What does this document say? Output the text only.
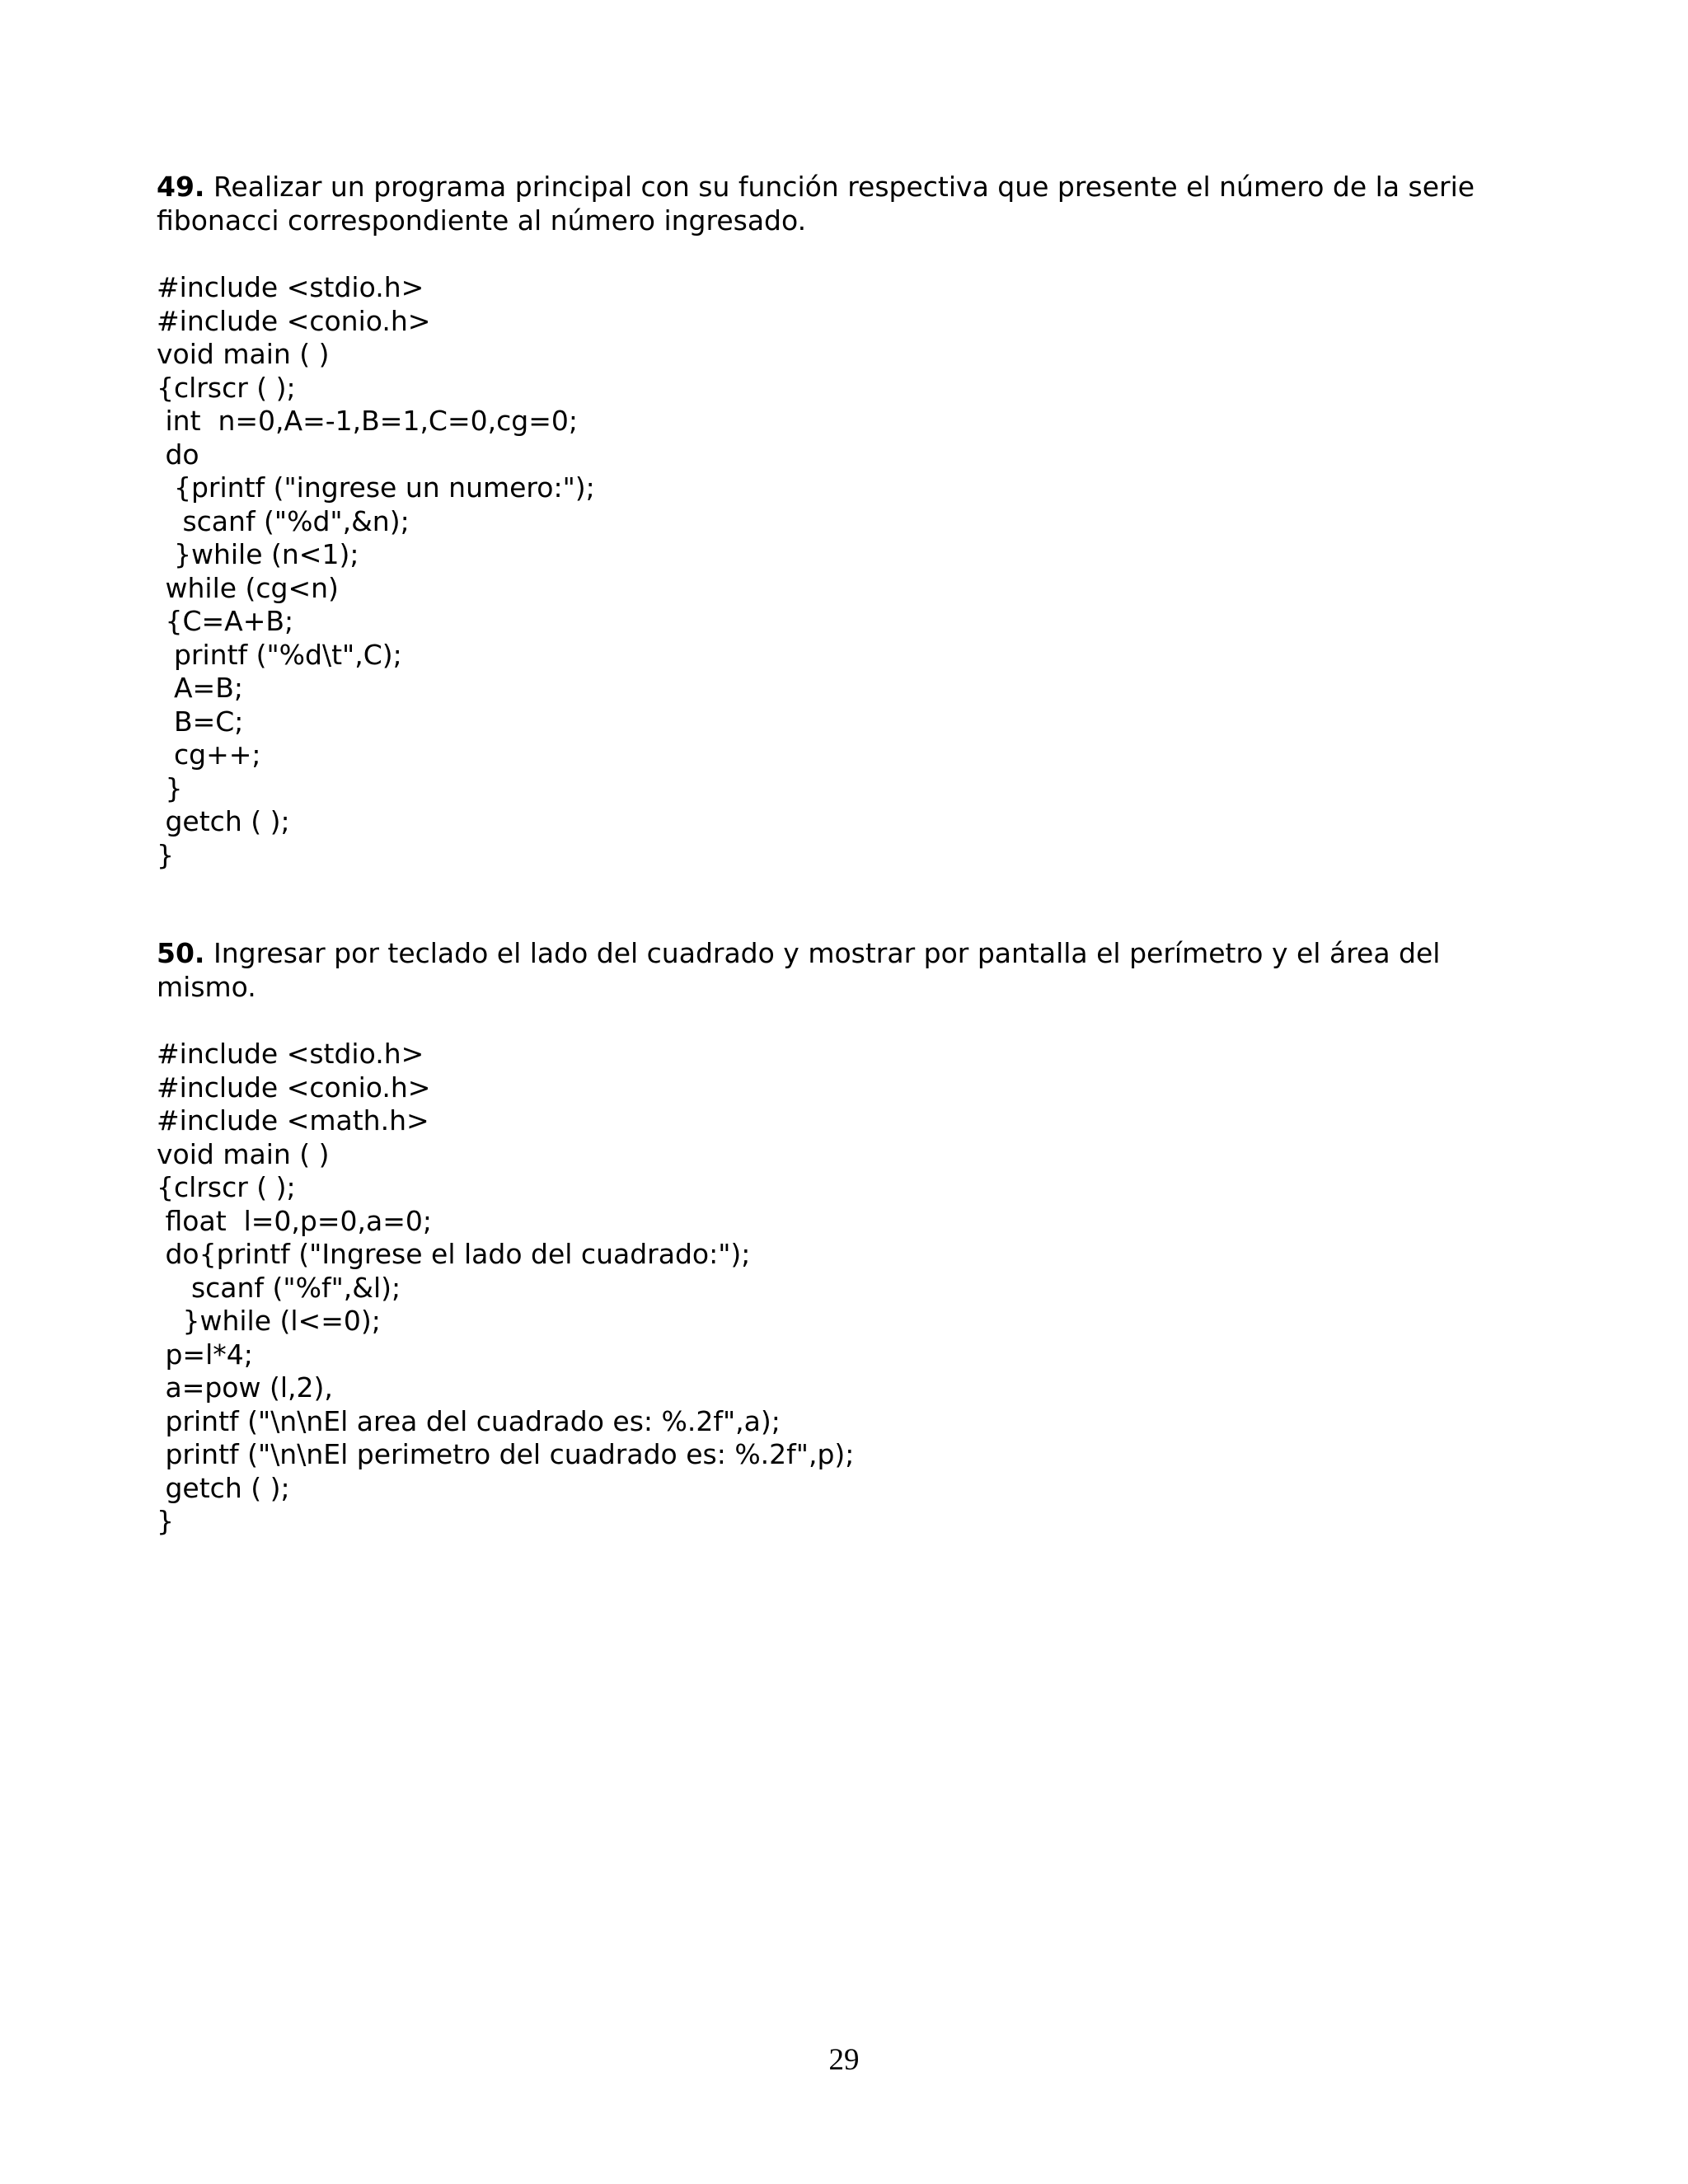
49. Realizar un programa principal con su función respectiva que presente el número de la serie fibonacci correspondiente al número ingresado.

#include <stdio.h>
#include <conio.h>
void main ( )
{clrscr ( );
int  n=0,A=-1,B=1,C=0,cg=0;
do
{printf ("ingrese un numero:");
scanf ("%d",&n);
}while (n<1);
while (cg<n)
{C=A+B;
printf ("%d\t",C);
A=B;
B=C;
cg++;
}
getch ( );
}

50. Ingresar por teclado el lado del cuadrado y mostrar por pantalla el perímetro y el área del mismo.

#include <stdio.h>
#include <conio.h>
#include <math.h>
void main ( )
{clrscr ( );
float  l=0,p=0,a=0;
do{printf ("Ingrese el lado del cuadrado:");
scanf ("%f",&l);
}while (l<=0);
p=l*4;
a=pow (l,2),
printf ("\n\nEl area del cuadrado es: %.2f",a);
printf ("\n\nEl perimetro del cuadrado es: %.2f",p);
getch ( );
}
29
